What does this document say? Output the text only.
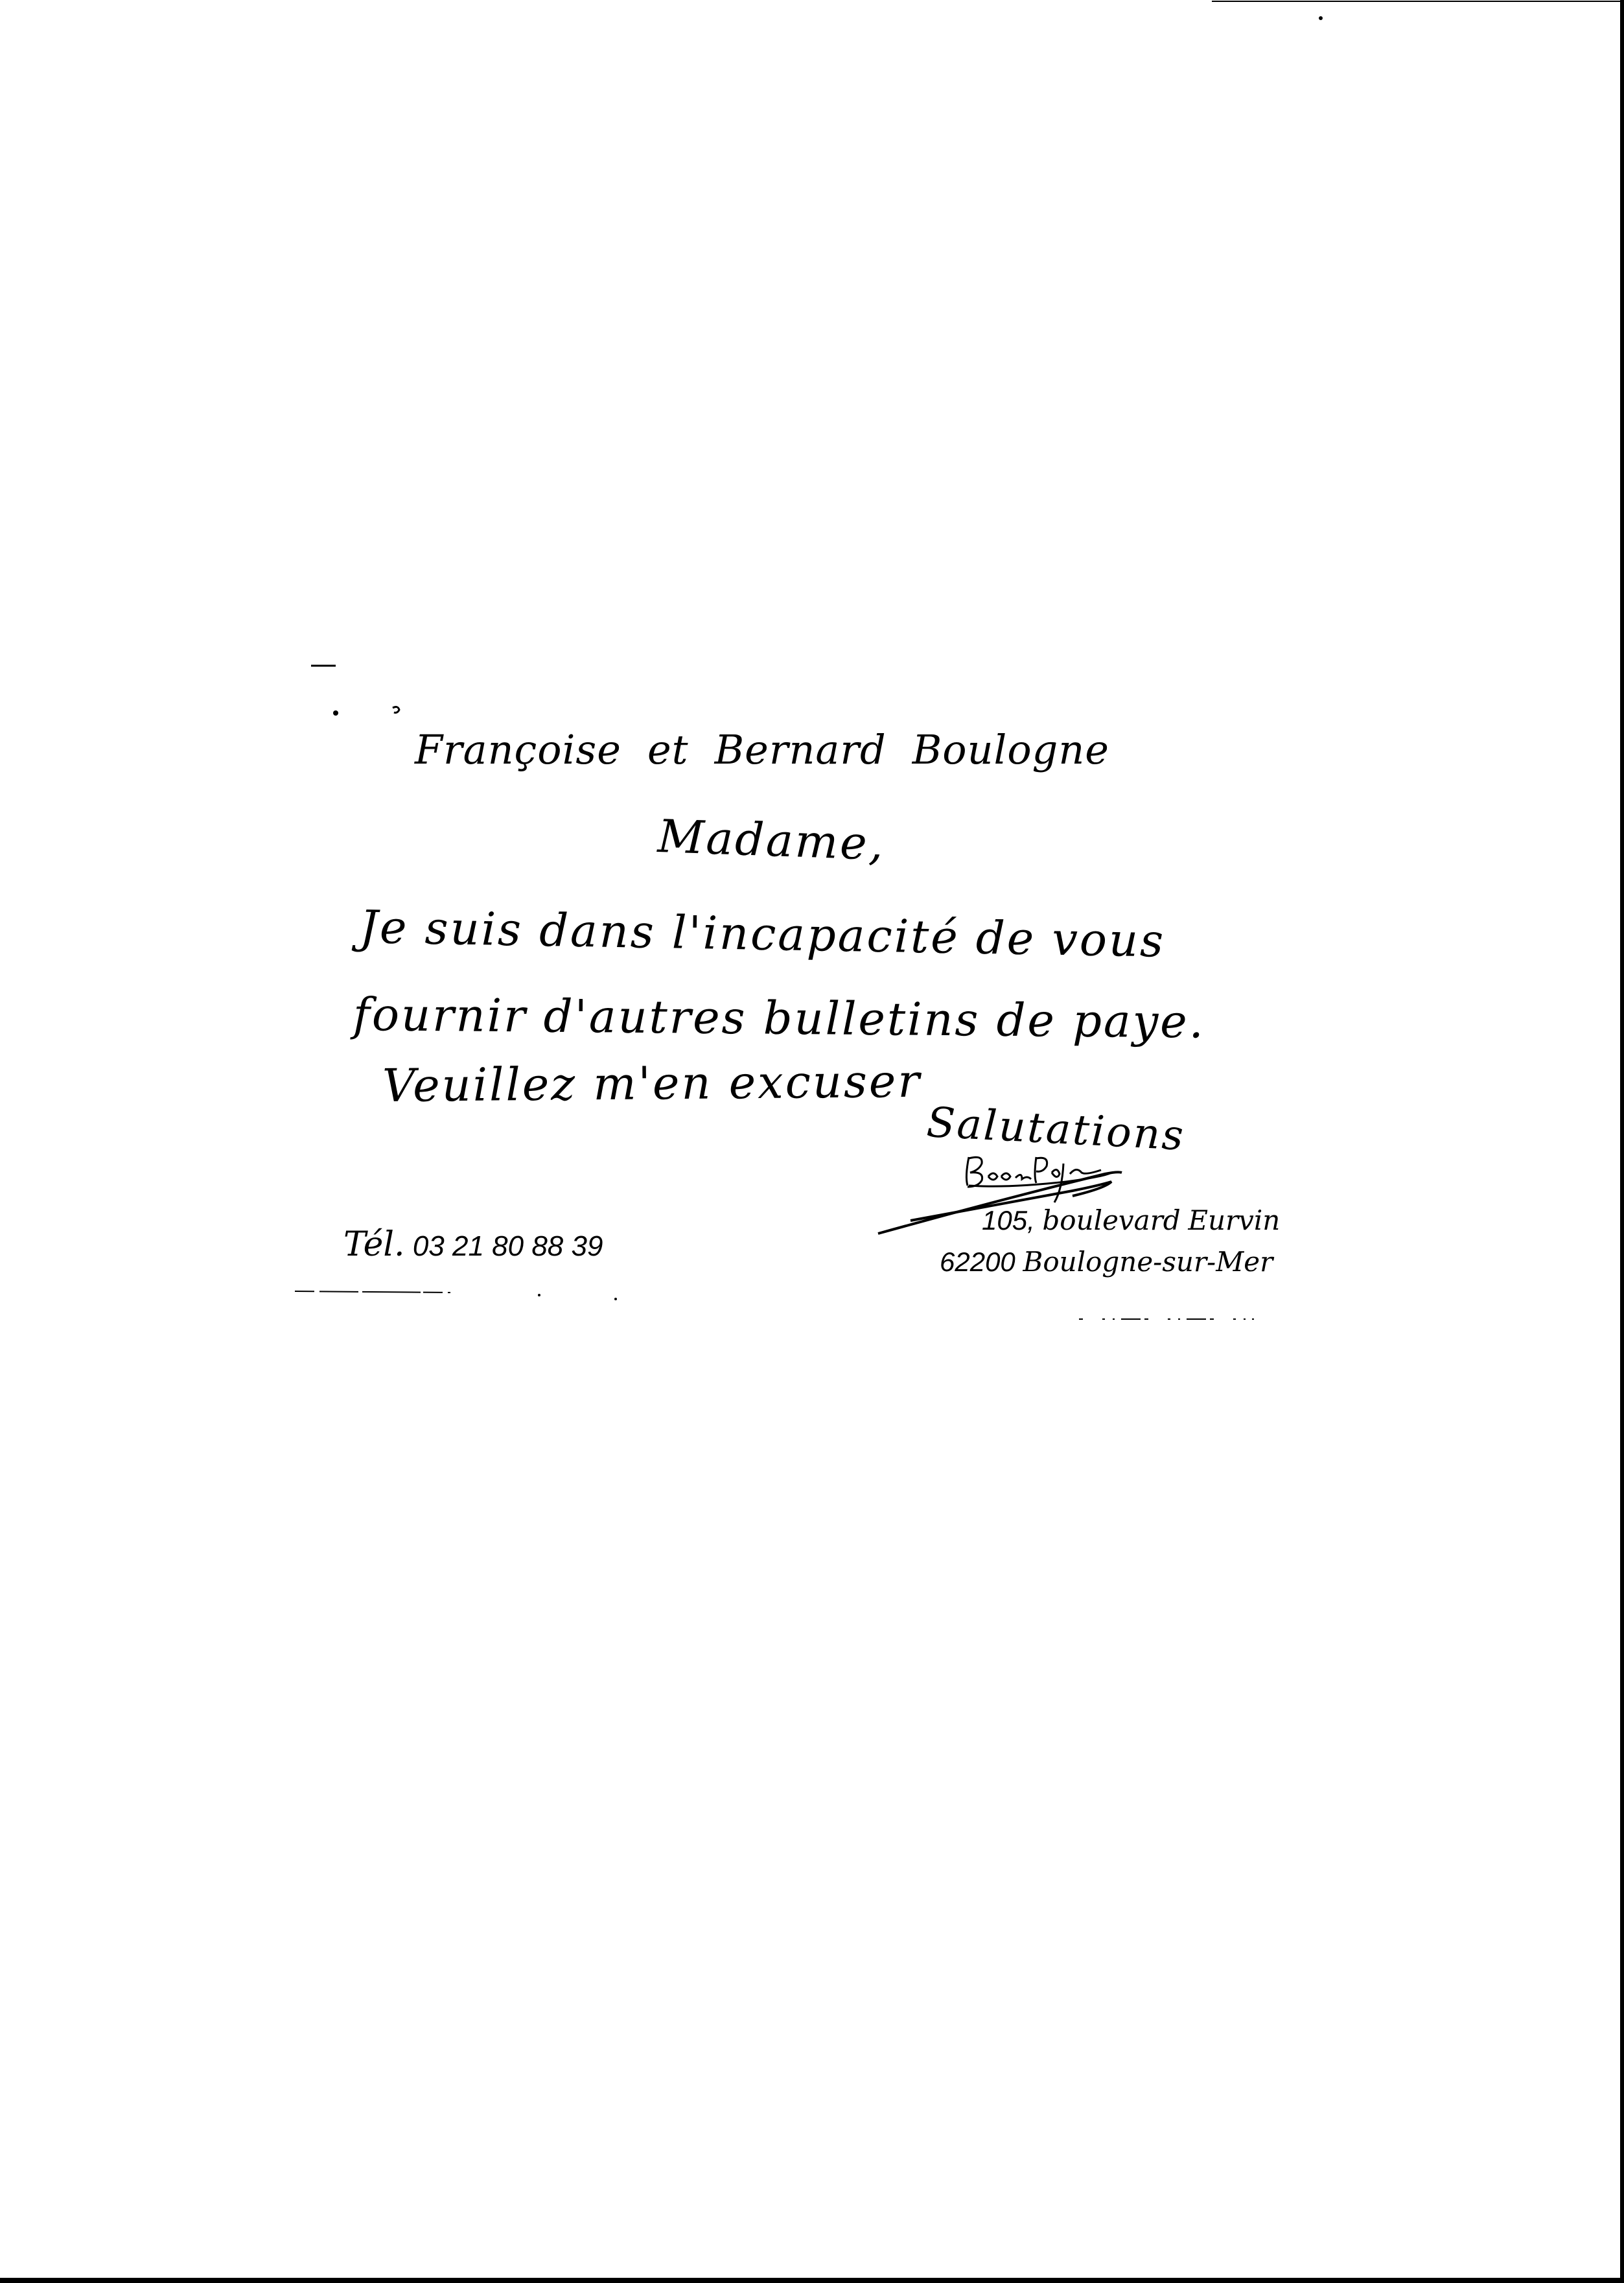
Françoise et Bernard Boulogne
Madame,
Je suis dans l'incapacité de vous
fournir d'autres bulletins de paye.
Veuillez m'en excuser
Salutations
Tél. 03 21 80 88 39
105, boulevard Eurvin
62200 Boulogne-sur-Mer
